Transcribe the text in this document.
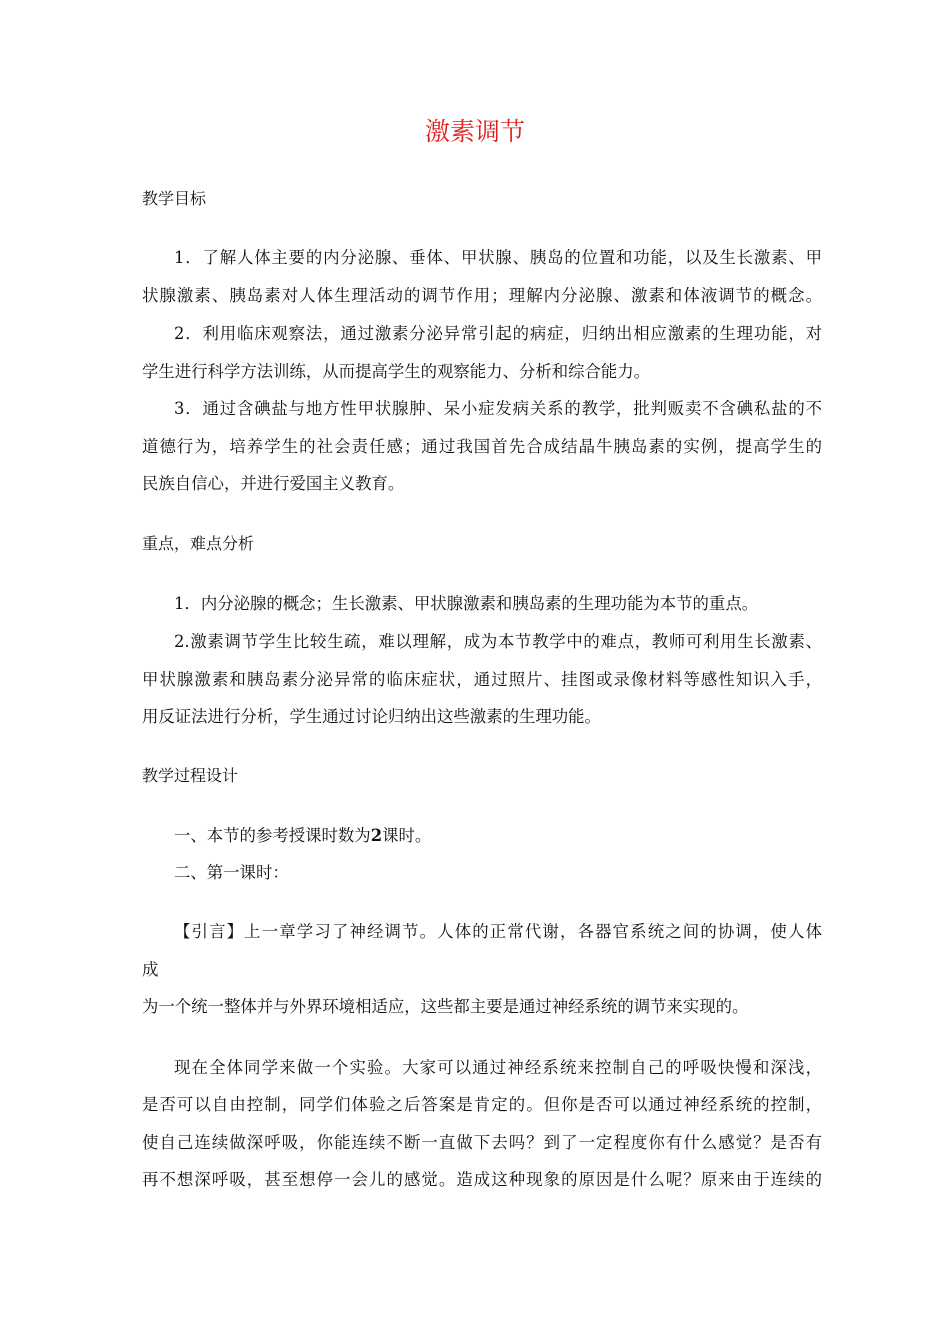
激素调节
教学目标
1．了解人体主要的内分泌腺、垂体、甲状腺、胰岛的位置和功能，以及生长激素、甲
状腺激素、胰岛素对人体生理活动的调节作用；理解内分泌腺、激素和体液调节的概念。
2．利用临床观察法，通过激素分泌异常引起的病症，归纳出相应激素的生理功能，对
学生进行科学方法训练，从而提高学生的观察能力、分析和综合能力。
3．通过含碘盐与地方性甲状腺肿、呆小症发病关系的教学，批判贩卖不含碘私盐的不
道德行为，培养学生的社会责任感；通过我国首先合成结晶牛胰岛素的实例，提高学生的
民族自信心，并进行爱国主义教育。
重点，难点分析
1．内分泌腺的概念；生长激素、甲状腺激素和胰岛素的生理功能为本节的重点。
2.激素调节学生比较生疏，难以理解，成为本节教学中的难点，教师可利用生长激素、
甲状腺激素和胰岛素分泌异常的临床症状，通过照片、挂图或录像材料等感性知识入手，
用反证法进行分析，学生通过讨论归纳出这些激素的生理功能。
教学过程设计
一、本节的参考授课时数为2课时。
二、第一课时：
【引言】上一章学习了神经调节。人体的正常代谢，各器官系统之间的协调，使人体
成
为一个统一整体并与外界环境相适应，这些都主要是通过神经系统的调节来实现的。
现在全体同学来做一个实验。大家可以通过神经系统来控制自己的呼吸快慢和深浅，
是否可以自由控制，同学们体验之后答案是肯定的。但你是否可以通过神经系统的控制，
使自己连续做深呼吸，你能连续不断一直做下去吗？到了一定程度你有什么感觉？是否有
再不想深呼吸，甚至想停一会儿的感觉。造成这种现象的原因是什么呢？原来由于连续的
